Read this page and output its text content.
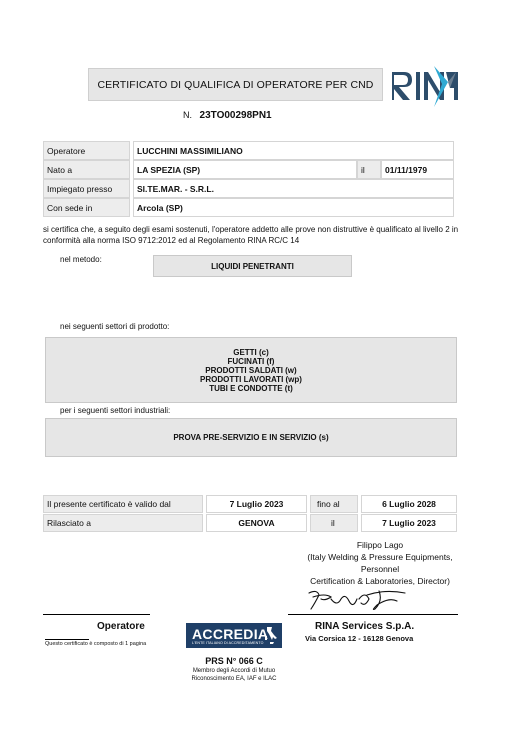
CERTIFICATO DI QUALIFICA DI OPERATORE PER CND
N. 23TO00298PN1
Operatore	LUCCHINI MASSIMILIANO
Nato a	LA SPEZIA (SP)	il	01/11/1979
Impiegato presso	SI.TE.MAR. - S.R.L.
Con sede in	Arcola (SP)
si certifica che, a seguito degli esami sostenuti, l'operatore addetto alle prove non distruttive è qualificato al livello 2 in conformità alla norma ISO 9712:2012 ed al Regolamento RINA RC/C 14
nel metodo:
LIQUIDI PENETRANTI
nei seguenti settori di prodotto:
GETTI (c)
FUCINATI (f)
PRODOTTI SALDATI (w)
PRODOTTI LAVORATI (wp)
TUBI E CONDOTTE (t)
per i seguenti settori industriali:
PROVA PRE-SERVIZIO E IN SERVIZIO (s)
Il presente certificato è valido dal	7 Luglio 2023	fino al	6 Luglio 2028
Rilasciato a	GENOVA	il	7 Luglio 2023
Filippo Lago
(Italy Welding & Pressure Equipments,
Personnel
Certification & Laboratories, Director)
Operatore
Questo certificato è composto di 1 pagina
ACCREDIA
L'ENTE ITALIANO DI ACCREDITAMENTO
PRS N° 066 C
Membro degli Accordi di Mutuo
Riconoscimento EA, IAF e ILAC
RINA Services S.p.A.
Via Corsica 12 - 16128 Genova
